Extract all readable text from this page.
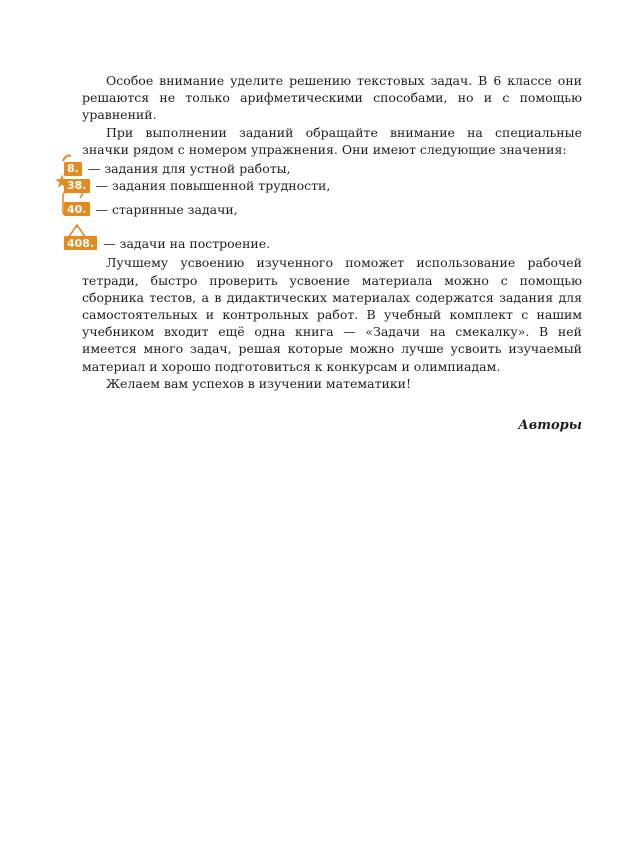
Особое внимание уделите решению текстовых задач. В 6 классе они решаются не только арифметическими способами, но и с помощью уравнений.

При выполнении заданий обращайте внимание на специальные значки рядом с номером упражнения. Они имеют следующие значения:

8. — задания для устной работы,
38. — задания повышенной трудности,
40. — старинные задачи,
408. — задачи на построение.

Лучшему усвоению изученного поможет использование рабочей тетради, быстро проверить усвоение материала можно с помощью сборника тестов, а в дидактических материалах содержатся задания для самостоятельных и контрольных работ. В учебный комплект с нашим учебником входит ещё одна книга — «Задачи на смекалку». В ней имеется много задач, решая которые можно лучше усвоить изучаемый материал и хорошо подготовиться к конкурсам и олимпиадам.

Желаем вам успехов в изучении математики!

Авторы
